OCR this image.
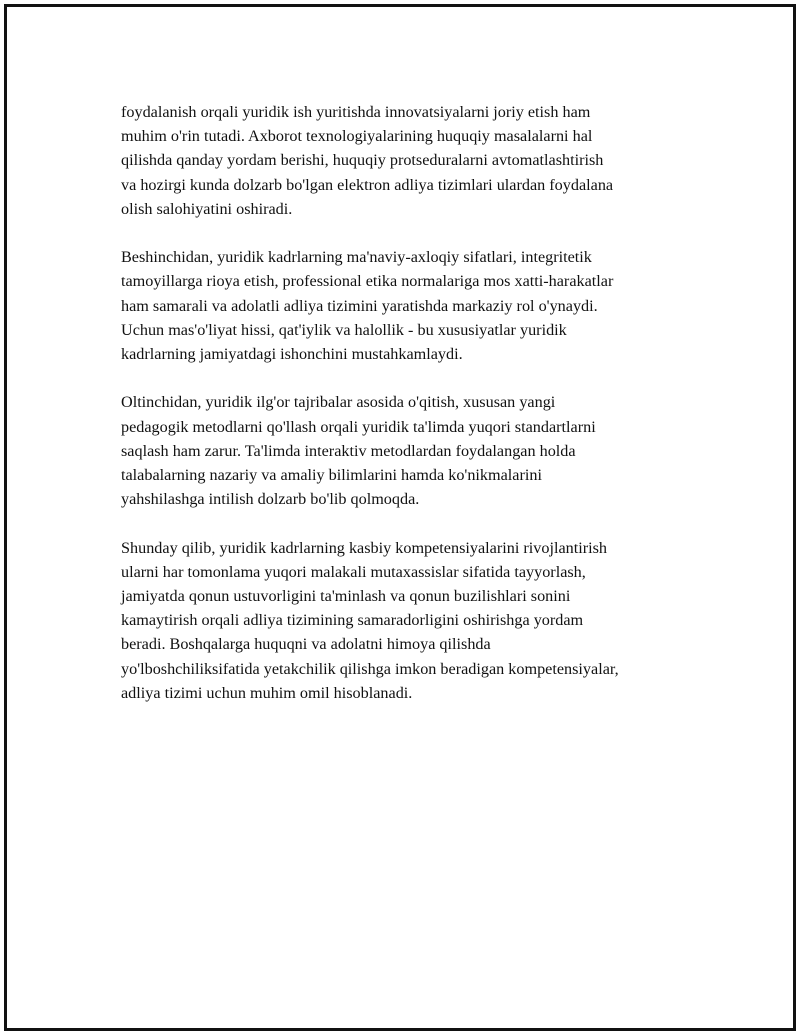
foydalanish orqali yuridik ish yuritishda innovatsiyalarni joriy etish ham
muhim o'rin tutadi. Axborot texnologiyalarining huquqiy masalalarni hal
qilishda qanday yordam berishi, huquqiy protseduralarni avtomatlashtirish
va hozirgi kunda dolzarb bo'lgan elektron adliya tizimlari ulardan foydalana
olish salohiyatini oshiradi.

Beshinchidan, yuridik kadrlarning ma'naviy-axloqiy sifatlari, integritetik
tamoyillarga rioya etish, professional etika normalariga mos xatti-harakatlar
ham samarali va adolatli adliya tizimini yaratishda markaziy rol o'ynaydi.
Uchun mas'o'liyat hissi, qat'iylik va halollik - bu xususiyatlar yuridik
kadrlarning jamiyatdagi ishonchini mustahkamlaydi.

Oltinchidan, yuridik ilg'or tajribalar asosida o'qitish, xususan yangi
pedagogik metodlarni qo'llash orqali yuridik ta'limda yuqori standartlarni
saqlash ham zarur. Ta'limda interaktiv metodlardan foydalangan holda
talabalarning nazariy va amaliy bilimlarini hamda ko'nikmalarini
yahshilashga intilish dolzarb bo'lib qolmoqda.

Shunday qilib, yuridik kadrlarning kasbiy kompetensiyalarini rivojlantirish
ularni har tomonlama yuqori malakali mutaxassislar sifatida tayyorlash,
jamiyatda qonun ustuvorligini ta'minlash va qonun buzilishlari sonini
kamaytirish orqali adliya tizimining samaradorligini oshirishga yordam
beradi. Boshqalarga huquqni va adolatni himoya qilishda
yo'lboshchiliksifatida yetakchilik qilishga imkon beradigan kompetensiyalar,
adliya tizimi uchun muhim omil hisoblanadi.
